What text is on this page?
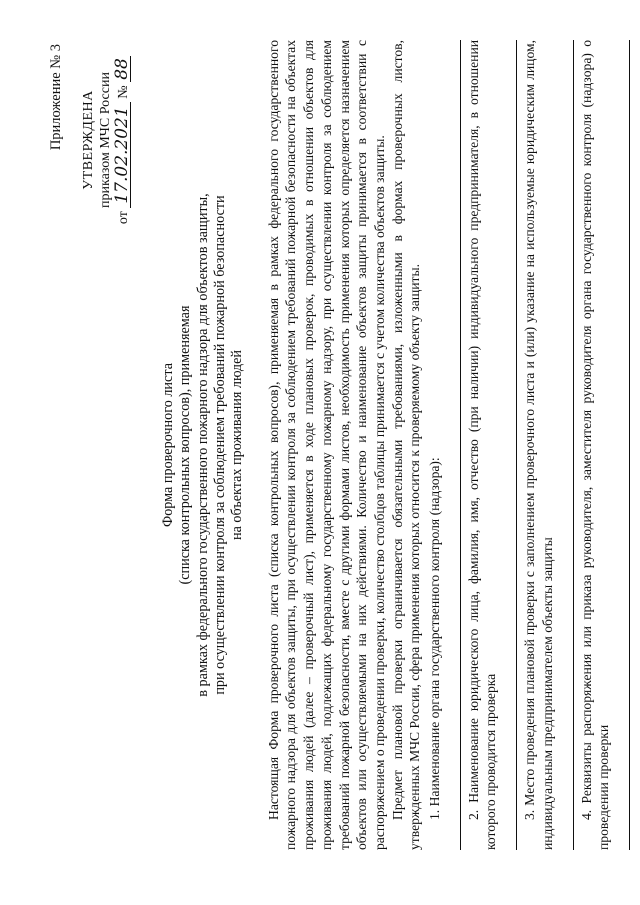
Приложение № 3 УТВЕРЖДЕНА приказом МЧС России
от 17.02.2021 № 88
Форма проверочного листа (списка контрольных вопросов), применяемая в рамках федерального государственного пожарного надзора для объектов защиты, при осуществлении контроля за соблюдением требований пожарной безопасности на объектах проживания людей Настоящая Форма проверочного листа (списка контрольных вопросов), применяемая в рамках федерального государственного пожарного надзора для объектов защиты, при осуществлении контроля за соблюдением требований пожарной безопасности на объектах проживания людей (далее – проверочный лист), применяется в ходе плановых проверок, проводимых в отношении объектов для проживания людей, подлежащих федеральному государственному пожарному надзору, при осуществлении контроля за соблюдением требований пожарной безопасности, вместе с другими формами листов, необходимость применения которых определяется назначением объектов или осуществляемыми на них действиями. Количество и наименование объектов защиты принимается в соответствии с распоряжением о проведении проверки, количество столбцов таблицы принимается с учетом количества объектов защиты. Предмет плановой проверки ограничивается обязательными требованиями, изложенными в формах проверочных листов, утвержденных МЧС России, сфера применения которых относится к проверяемому объекту защиты. 1. Наименование органа государственного контроля (надзора): 2. Наименование юридического лица, фамилия, имя, отчество (при наличии) индивидуального предпринимателя, в отношении которого проводится проверка 3. Место проведения плановой проверки с заполнением проверочного листа и (или) указание на используемые юридическим лицом, индивидуальным предпринимателем объекты защиты 4. Реквизиты распоряжения или приказа руководителя, заместителя руководителя органа государственного контроля (надзора) о проведении проверки
